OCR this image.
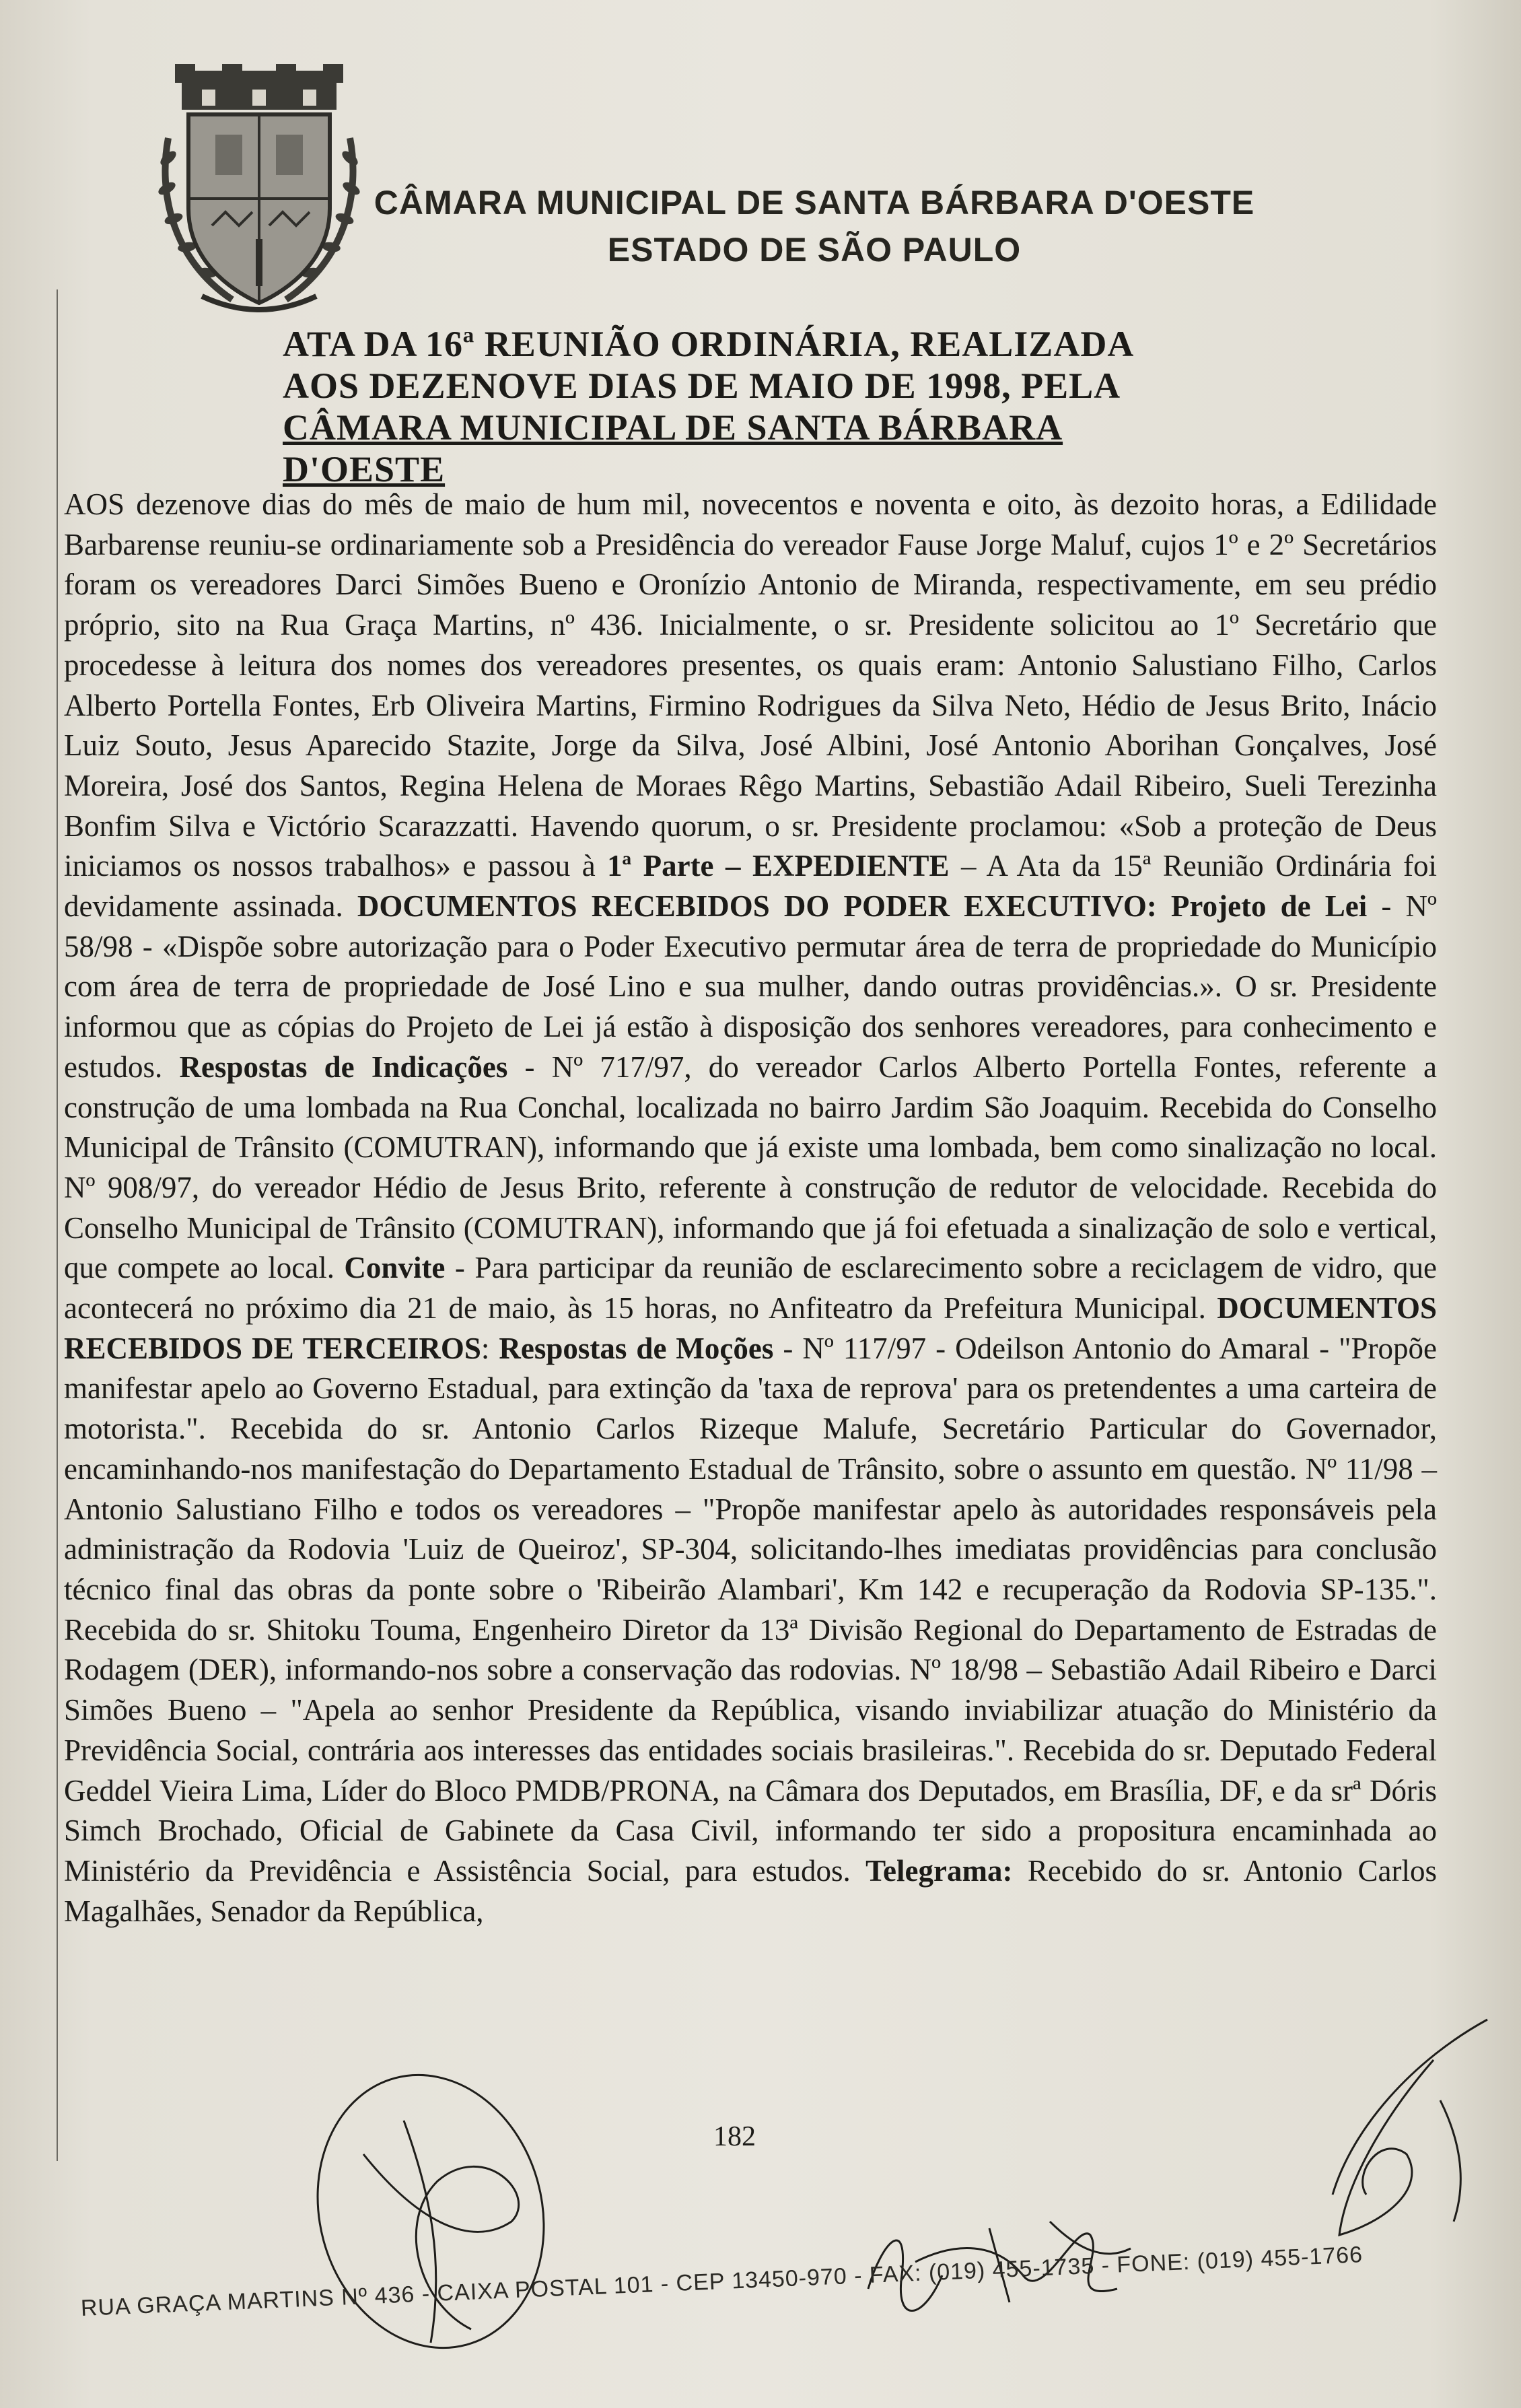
CÂMARA MUNICIPAL DE SANTA BÁRBARA D'OESTE
ESTADO DE SÃO PAULO
ATA DA 16ª REUNIÃO ORDINÁRIA, REALIZADA
AOS DEZENOVE DIAS DE MAIO DE 1998, PELA
CÂMARA MUNICIPAL DE SANTA BÁRBARA D'OESTE

AOS dezenove dias do mês de maio de hum mil, novecentos e noventa e oito, às dezoito horas, a Edilidade Barbarense reuniu-se ordinariamente sob a Presidência do vereador Fause Jorge Maluf, cujos 1º e 2º Secretários foram os vereadores Darci Simões Bueno e Oronízio Antonio de Miranda, respectivamente, em seu prédio próprio, sito na Rua Graça Martins, nº 436. Inicialmente, o sr. Presidente solicitou ao 1º Secretário que procedesse à leitura dos nomes dos vereadores presentes, os quais eram: Antonio Salustiano Filho, Carlos Alberto Portella Fontes, Erb Oliveira Martins, Firmino Rodrigues da Silva Neto, Hédio de Jesus Brito, Inácio Luiz Souto, Jesus Aparecido Stazite, Jorge da Silva, José Albini, José Antonio Aborihan Gonçalves, José Moreira, José dos Santos, Regina Helena de Moraes Rêgo Martins, Sebastião Adail Ribeiro, Sueli Terezinha Bonfim Silva e Victório Scarazzatti. Havendo quorum, o sr. Presidente proclamou: «Sob a proteção de Deus iniciamos os nossos trabalhos» e passou à 1ª Parte – EXPEDIENTE – A Ata da 15ª Reunião Ordinária foi devidamente assinada. DOCUMENTOS RECEBIDOS DO PODER EXECUTIVO: Projeto de Lei - Nº 58/98 - «Dispõe sobre autorização para o Poder Executivo permutar área de terra de propriedade do Município com área de terra de propriedade de José Lino e sua mulher, dando outras providências.». O sr. Presidente informou que as cópias do Projeto de Lei já estão à disposição dos senhores vereadores, para conhecimento e estudos. Respostas de Indicações - Nº 717/97, do vereador Carlos Alberto Portella Fontes, referente a construção de uma lombada na Rua Conchal, localizada no bairro Jardim São Joaquim. Recebida do Conselho Municipal de Trânsito (COMUTRAN), informando que já existe uma lombada, bem como sinalização no local. Nº 908/97, do vereador Hédio de Jesus Brito, referente à construção de redutor de velocidade. Recebida do Conselho Municipal de Trânsito (COMUTRAN), informando que já foi efetuada a sinalização de solo e vertical, que compete ao local. Convite - Para participar da reunião de esclarecimento sobre a reciclagem de vidro, que acontecerá no próximo dia 21 de maio, às 15 horas, no Anfiteatro da Prefeitura Municipal. DOCUMENTOS RECEBIDOS DE TERCEIROS: Respostas de Moções - Nº 117/97 - Odeilson Antonio do Amaral - "Propõe manifestar apelo ao Governo Estadual, para extinção da 'taxa de reprova' para os pretendentes a uma carteira de motorista.". Recebida do sr. Antonio Carlos Rizeque Malufe, Secretário Particular do Governador, encaminhando-nos manifestação do Departamento Estadual de Trânsito, sobre o assunto em questão. Nº 11/98 – Antonio Salustiano Filho e todos os vereadores – "Propõe manifestar apelo às autoridades responsáveis pela administração da Rodovia 'Luiz de Queiroz', SP-304, solicitando-lhes imediatas providências para conclusão técnico final das obras da ponte sobre o 'Ribeirão Alambari', Km 142 e recuperação da Rodovia SP-135.". Recebida do sr. Shitoku Touma, Engenheiro Diretor da 13ª Divisão Regional do Departamento de Estradas de Rodagem (DER), informando-nos sobre a conservação das rodovias. Nº 18/98 – Sebastião Adail Ribeiro e Darci Simões Bueno – "Apela ao senhor Presidente da República, visando inviabilizar atuação do Ministério da Previdência Social, contrária aos interesses das entidades sociais brasileiras.". Recebida do sr. Deputado Federal Geddel Vieira Lima, Líder do Bloco PMDB/PRONA, na Câmara dos Deputados, em Brasília, DF, e da srª Dóris Simch Brochado, Oficial de Gabinete da Casa Civil, informando ter sido a propositura encaminhada ao Ministério da Previdência e Assistência Social, para estudos. Telegrama: Recebido do sr. Antonio Carlos Magalhães, Senador da República,

182
RUA GRAÇA MARTINS Nº 436 - CAIXA POSTAL 101 - CEP 13450-970 - FAX: (019) 455-1735 - FONE: (019) 455-1766
